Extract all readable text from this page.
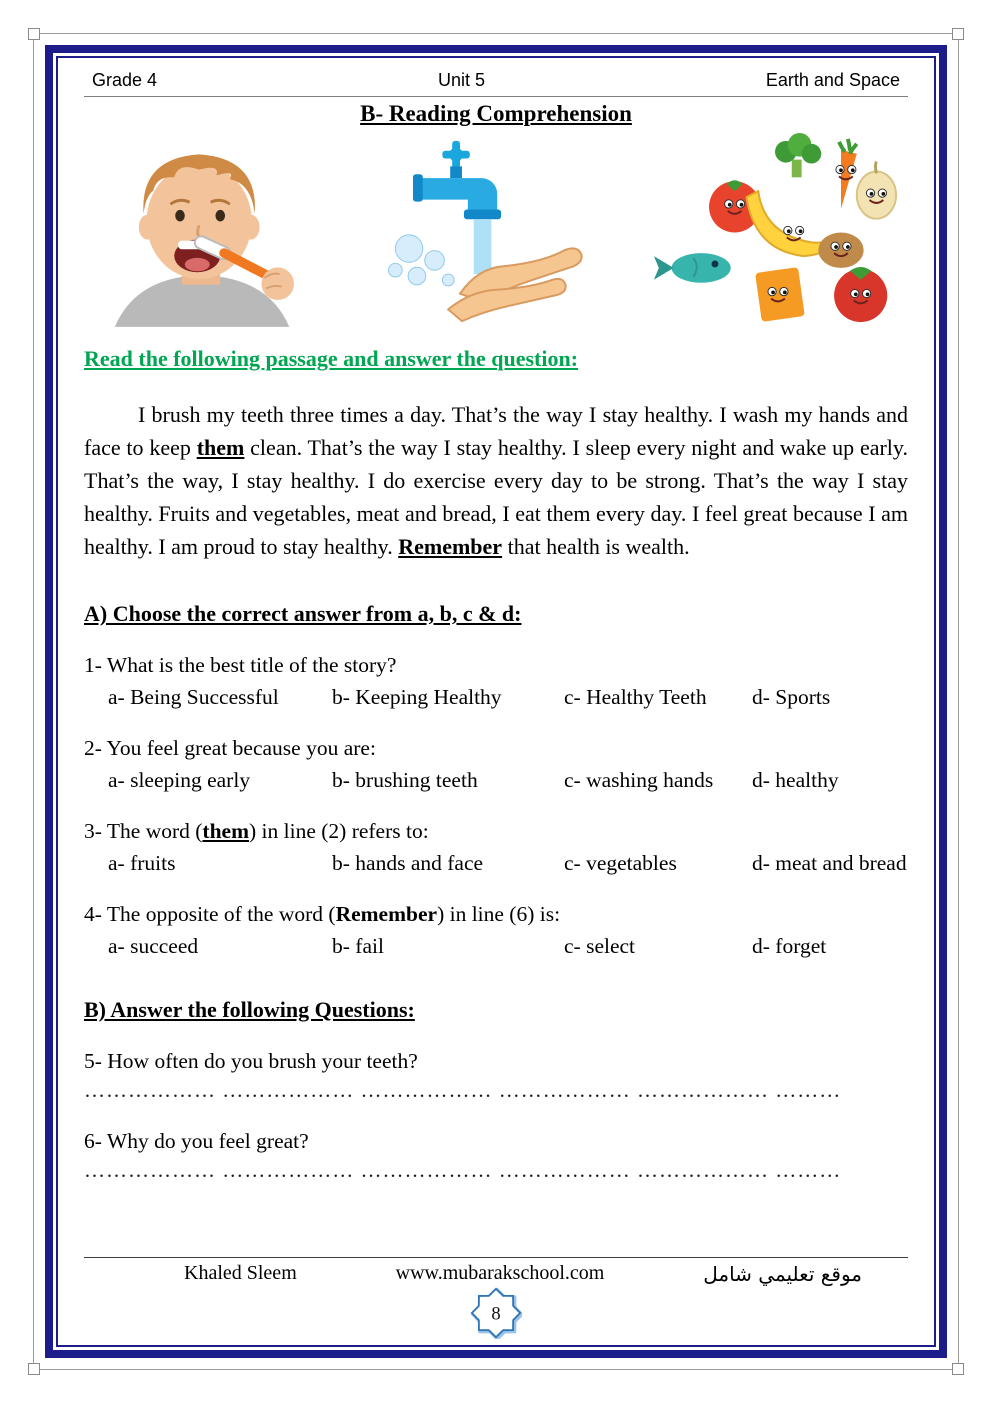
Grade 4	Unit 5	Earth and Space
B- Reading Comprehension
Read the following passage and answer the question:

I brush my teeth three times a day. That’s the way I stay healthy. I wash my hands and face to keep them clean. That’s the way I stay healthy. I sleep every night and wake up early. That’s the way, I stay healthy. I do exercise every day to be strong. That’s the way I stay healthy. Fruits and vegetables, meat and bread, I eat them every day. I feel great because I am healthy. I am proud to stay healthy. Remember that health is wealth.

A) Choose the correct answer from a, b, c & d:
1- What is the best title of the story?
a- Being Successful	b- Keeping Healthy	c- Healthy Teeth	d- Sports
2- You feel great because you are:
a- sleeping early	b- brushing teeth	c- washing hands	d- healthy
3- The word (them) in line (2) refers to:
a- fruits	b- hands and face	c- vegetables	d- meat and bread
4- The opposite of the word (Remember) in line (6) is:
a- succeed	b- fail	c- select	d- forget
B) Answer the following Questions:
5- How often do you brush your teeth?
……………… ……………… ……………… ……………… ……………… ………
6- Why do you feel great?
……………… ……………… ……………… ……………… ……………… ………
Khaled Sleem	www.mubarakschool.com	موقع تعليمي شامل
8
